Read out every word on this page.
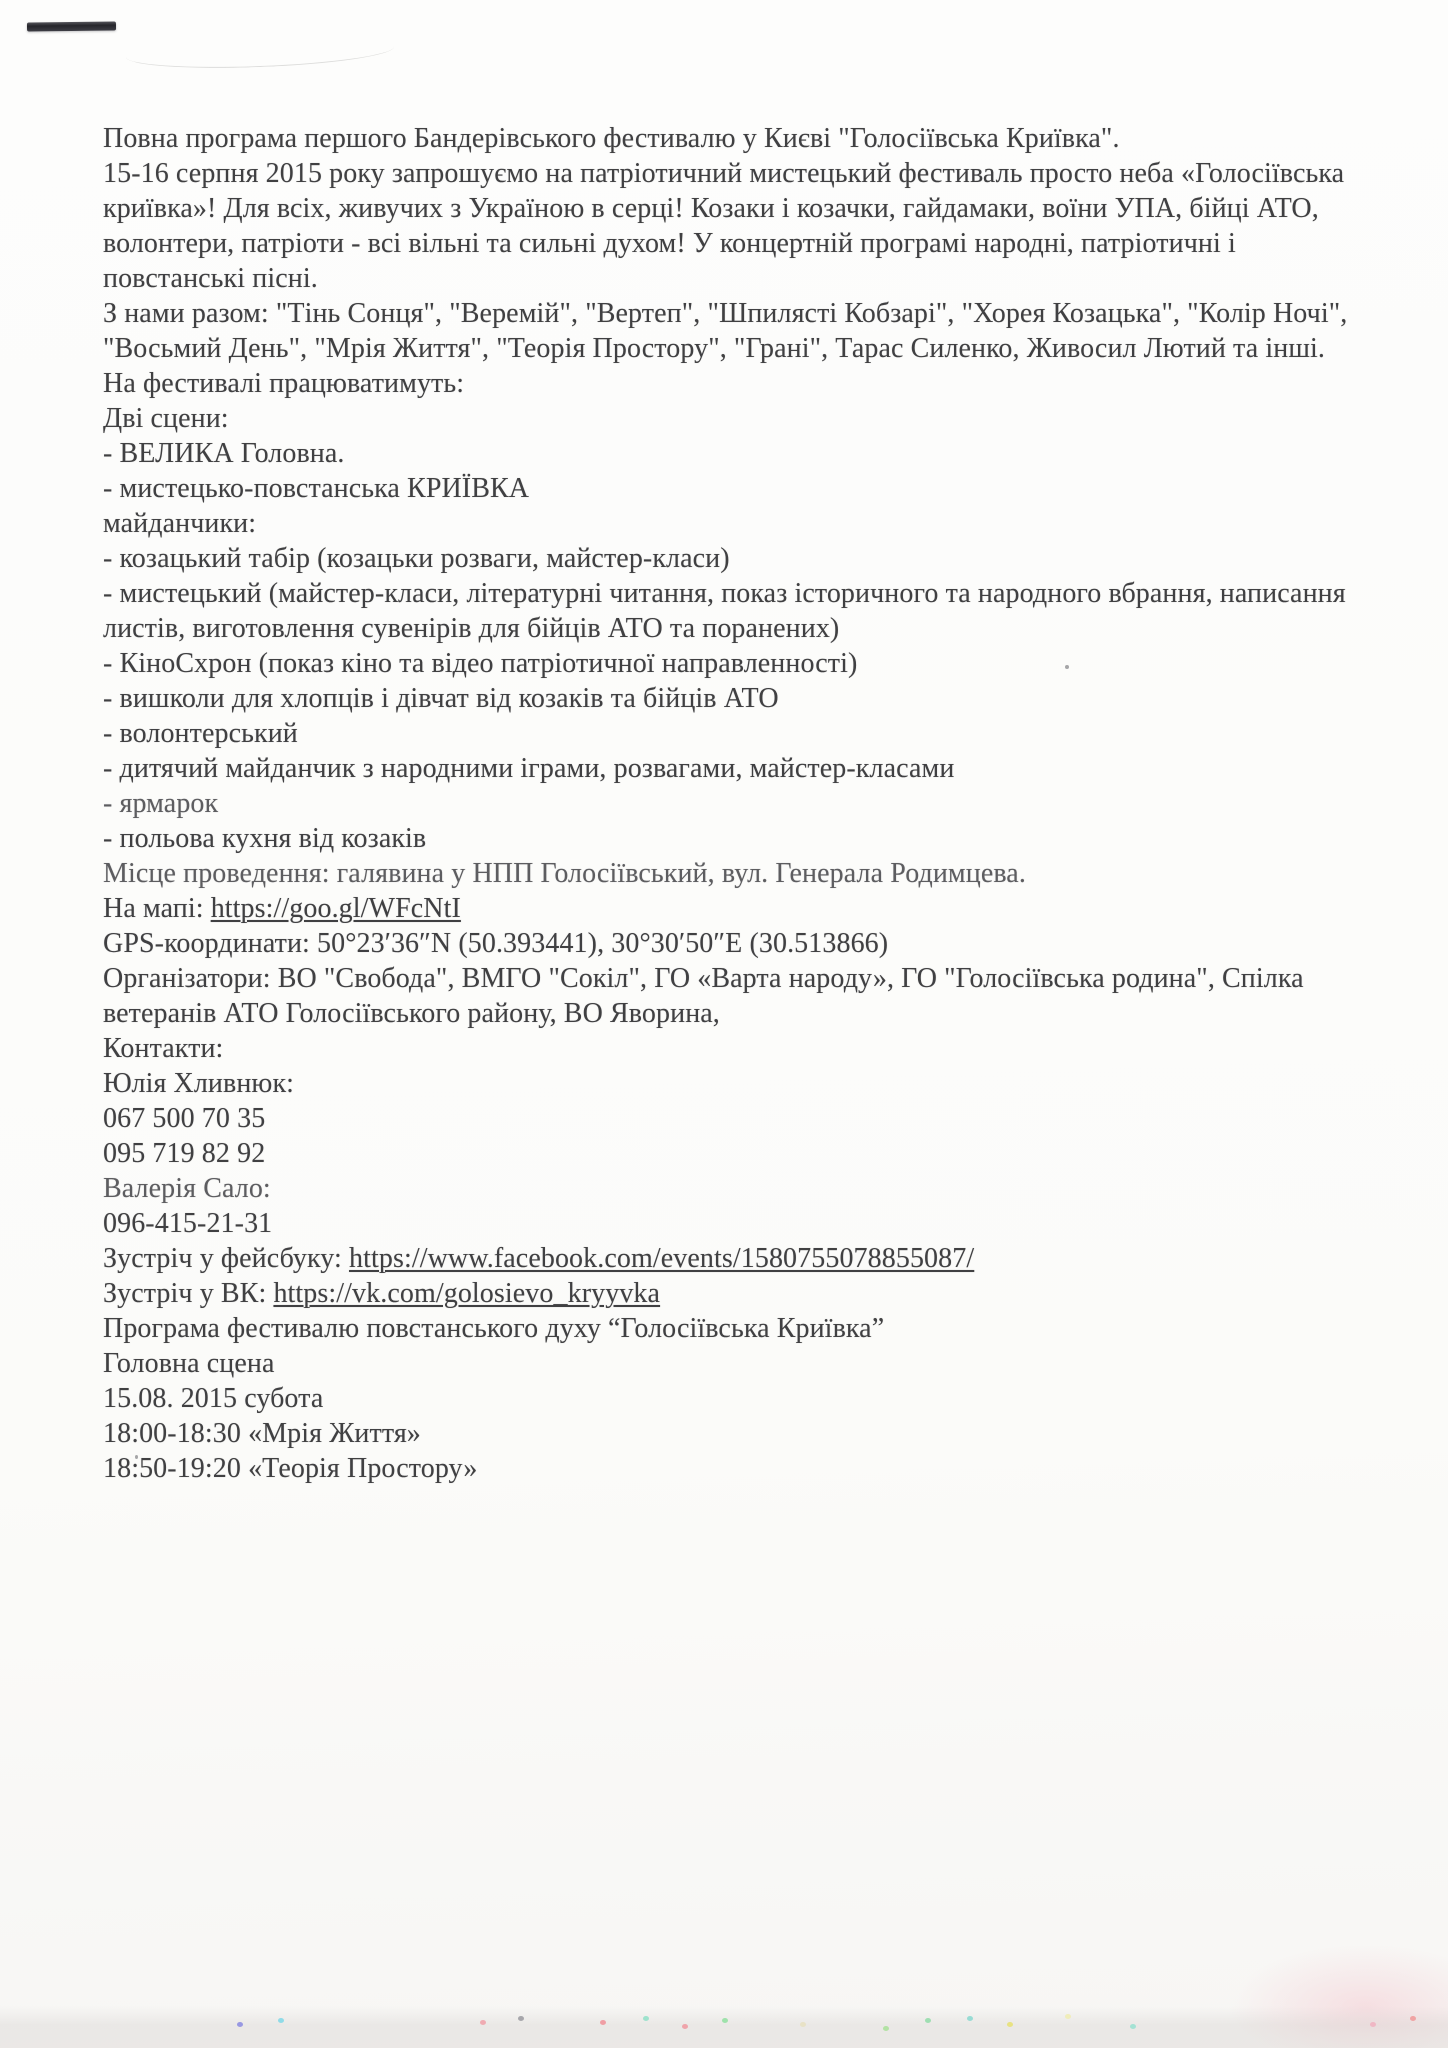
Повна програма першого Бандерівського фестивалю у Києві "Голосіївська Криївка".

15-16 серпня 2015 року запрошуємо на патріотичний мистецький фестиваль просто неба «Голосіївська криївка»! Для всіх, живучих з Україною в серці! Козаки і козачки, гайдамаки, воїни УПА, бійці АТО, волонтери, патріоти - всі вільні та сильні духом! У концертній програмі народні, патріотичні і повстанські пісні.

З нами разом: "Тінь Сонця", "Веремій", "Вертеп", "Шпилясті Кобзарі", "Хорея Козацька", "Колір Ночі", "Восьмий День", "Мрія Життя", "Теорія Простору", "Грані", Тарас Силенко, Живосил Лютий та інші.

На фестивалі працюватимуть:

Дві сцени:

- ВЕЛИКА Головна.

- мистецько-повстанська КРИЇВКА

майданчики:

- козацький табір (козацьки розваги, майстер-класи)

- мистецький (майстер-класи, літературні читання, показ історичного та народного вбрання, написання листів, виготовлення сувенірів для бійців АТО та поранених)

- КіноСхрон (показ кіно та відео патріотичної направленності)

- вишколи для хлопців і дівчат від козаків та бійців АТО

- волонтерський

- дитячий майданчик з народними іграми, розвагами, майстер-класами

- ярмарок

- польова кухня від козаків

Місце проведення: галявина у НПП Голосіївський, вул. Генерала Родимцева.

На мапі: https://goo.gl/WFcNtI

GPS-координати: 50°23′36″N (50.393441), 30°30′50″E (30.513866)

Організатори: ВО "Свобода", ВМГО "Сокіл", ГО «Варта народу», ГО "Голосіївська родина", Спілка ветеранів АТО Голосіївського району, ВО Яворина,

Контакти:

Юлія Хливнюк:

067 500 70 35

095 719 82 92

Валерія Сало:

096-415-21-31

Зустріч у фейсбуку: https://www.facebook.com/events/1580755078855087/

Зустріч у ВК: https://vk.com/golosievo_kryyvka

Програма фестивалю повстанського духу “Голосіївська Криївка”

Головна сцена

15.08. 2015 субота

18:00-18:30 «Мрія Життя»

18:50-19:20 «Теорія Простору»
